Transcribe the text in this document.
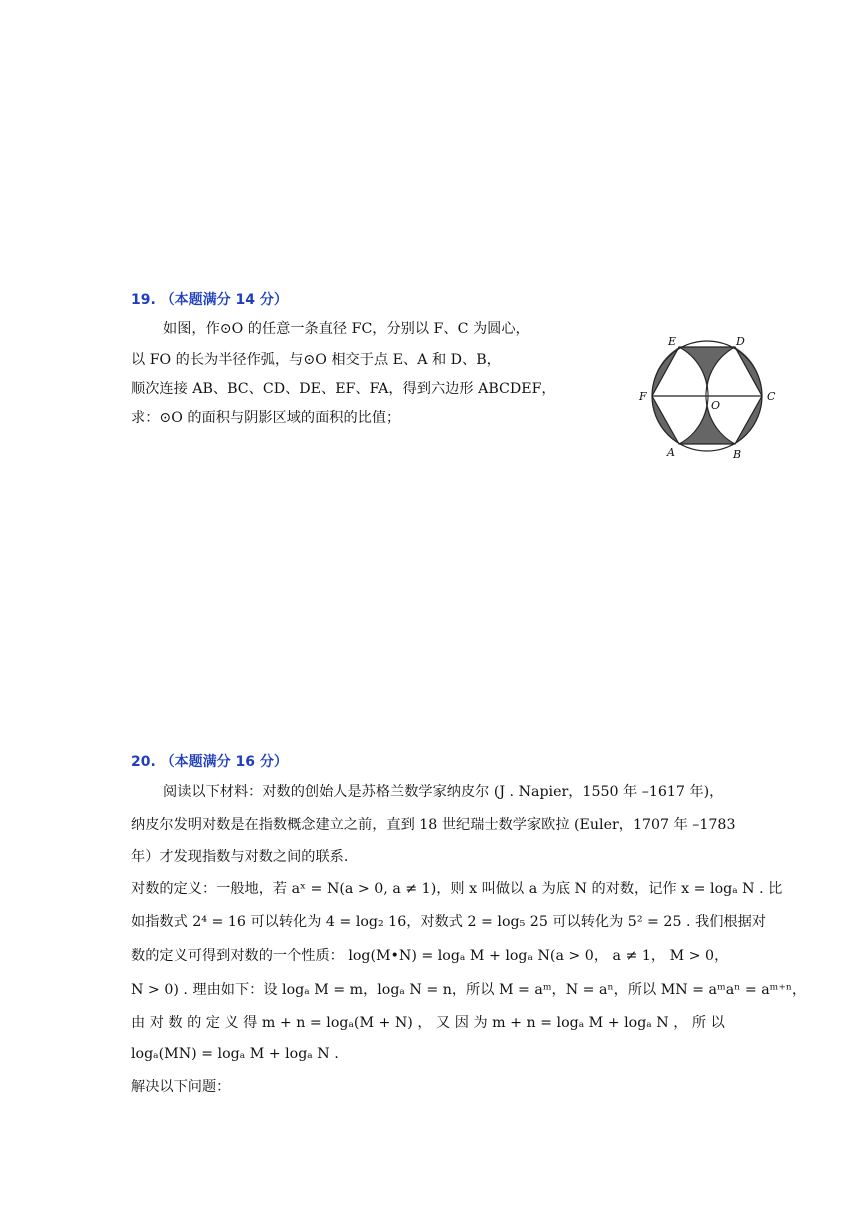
19. （本题满分 14 分）
如图，作⊙O 的任意一条直径 FC，分别以 F、C 为圆心，
以 FO 的长为半径作弧，与⊙O 相交于点 E、A 和 D、B，
顺次连接 AB、BC、CD、DE、EF、FA，得到六边形 ABCDEF，
求：⊙O 的面积与阴影区域的面积的比值；
E	D
F
O
C
A	B
20. （本题满分 16 分）
阅读以下材料：对数的创始人是苏格兰数学家纳皮尔 (J . Napier，1550 年 –1617 年)，
纳皮尔发明对数是在指数概念建立之前，直到 18 世纪瑞士数学家欧拉 (Euler，1707 年 –1783
年）才发现指数与对数之间的联系.
对数的定义：一般地，若 aˣ = N(a > 0, a ≠ 1)，则 x 叫做以 a 为底 N 的对数，记作 x = logₐ N . 比
如指数式 2⁴ = 16 可以转化为 4 = log₂ 16，对数式 2 = log₅ 25 可以转化为 5² = 25 . 我们根据对
数的定义可得到对数的一个性质： log(M•N) = logₐ M + logₐ N(a > 0， a ≠ 1， M > 0，
N > 0) . 理由如下：设 logₐ M = m，logₐ N = n，所以 M = aᵐ，N = aⁿ，所以 MN = aᵐaⁿ = aᵐ⁺ⁿ，
由 对 数 的 定 义 得 m + n = logₐ(M + N) ， 又 因 为 m + n = logₐ M + logₐ N ， 所 以
logₐ(MN) = logₐ M + logₐ N .
解决以下问题：
